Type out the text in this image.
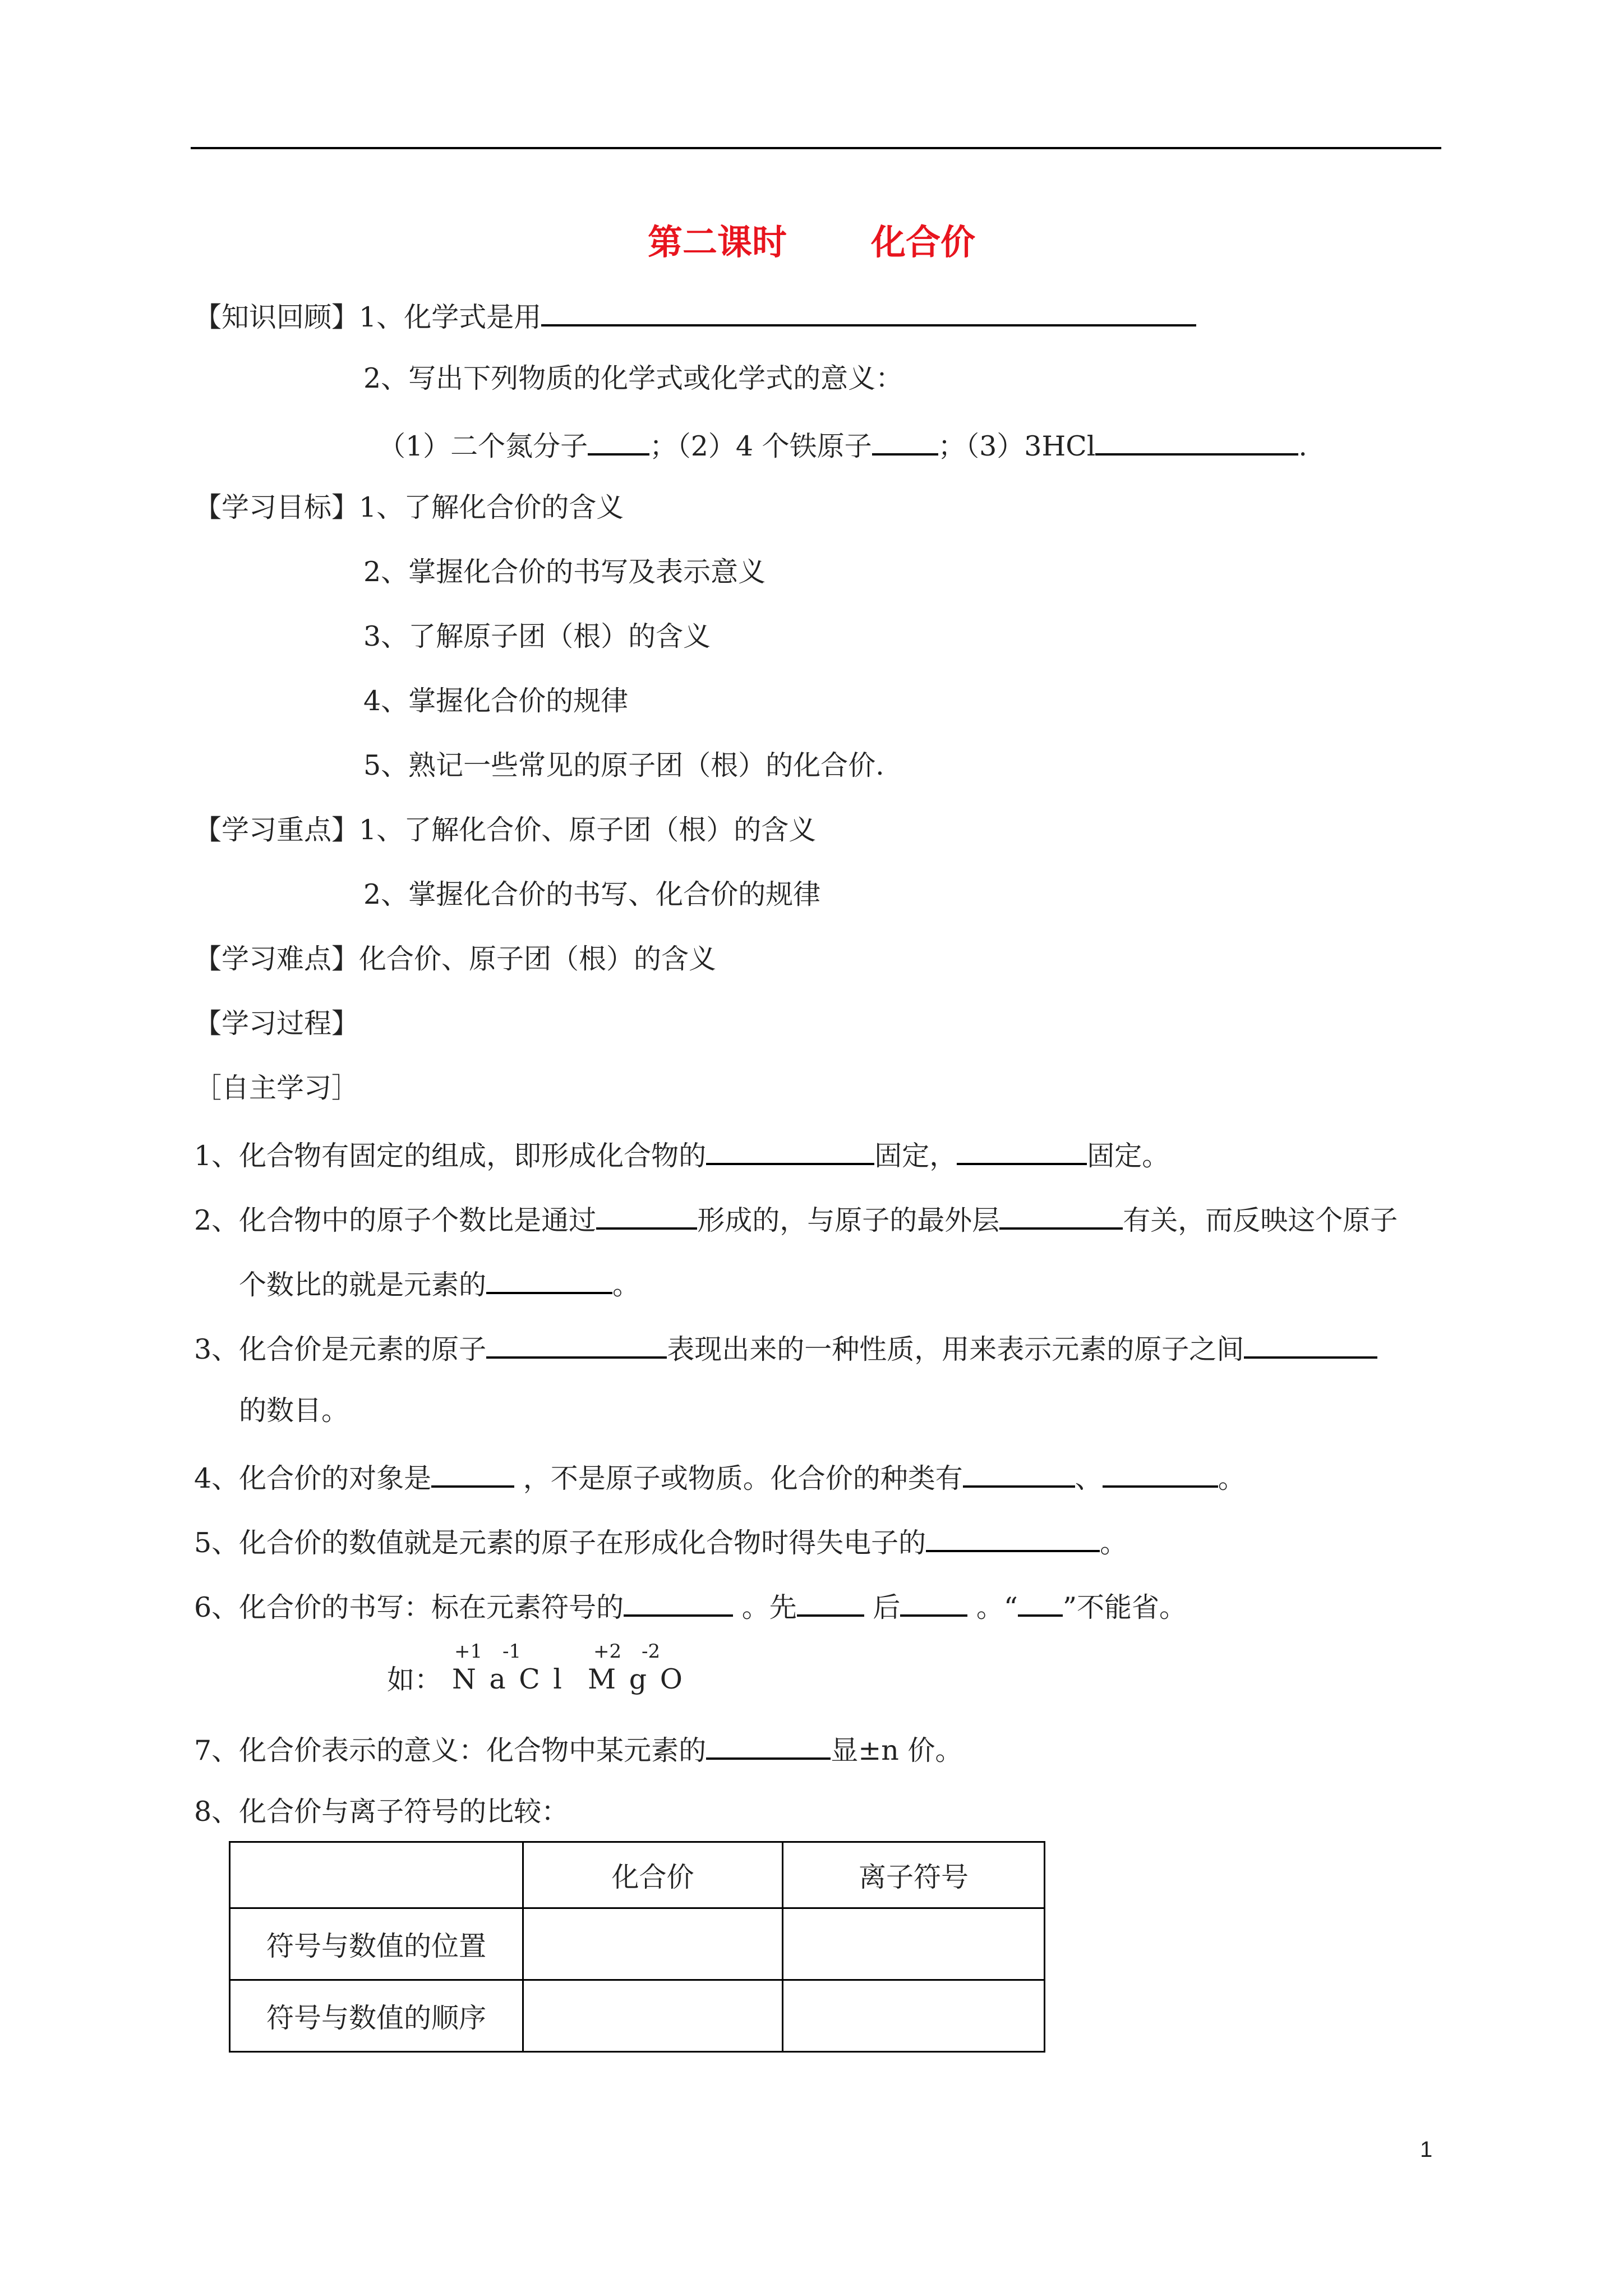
第二课时 化合价
【知识回顾】1、化学式是用
2、写出下列物质的化学式或化学式的意义：
（1）二个氮分子 ；（2）4 个铁原子 ；（3）3HCl	.
【学习目标】1、了解化合价的含义
2、掌握化合价的书写及表示意义
3、了解原子团（根）的含义
4、掌握化合价的规律
5、熟记一些常见的原子团（根）的化合价.
【学习重点】1、了解化合价、原子团（根）的含义
2、掌握化合价的书写、化合价的规律
【学习难点】化合价、原子团（根）的含义
【学习过程】
［自主学习］
1、化合物有固定的组成，即形成化合物的	固定，	固定。
2、化合物中的原子个数比是通过	形成的，与原子的最外层	有关，而反映这个原子
个数比的就是元素的	。
3、化合价是元素的原子	表现出来的一种性质，用来表示元素的原子之间
的数目。
4、化合价的对象是	，不是原子或物质。化合价的种类有	、	。
5、化合价的数值就是元素的原子在形成化合物时得失电子的	。
6、化合价的书写：标在元素符号的	。先 后 。“ ”不能省。
+1 -1	+2 -2
如： N a C l M g O
7、化合价表示的意义：化合物中某元素的	显±n 价。
8、化合价与离子符号的比较：
	化合价	离子符号
符号与数值的位置		
符号与数值的顺序		
1
